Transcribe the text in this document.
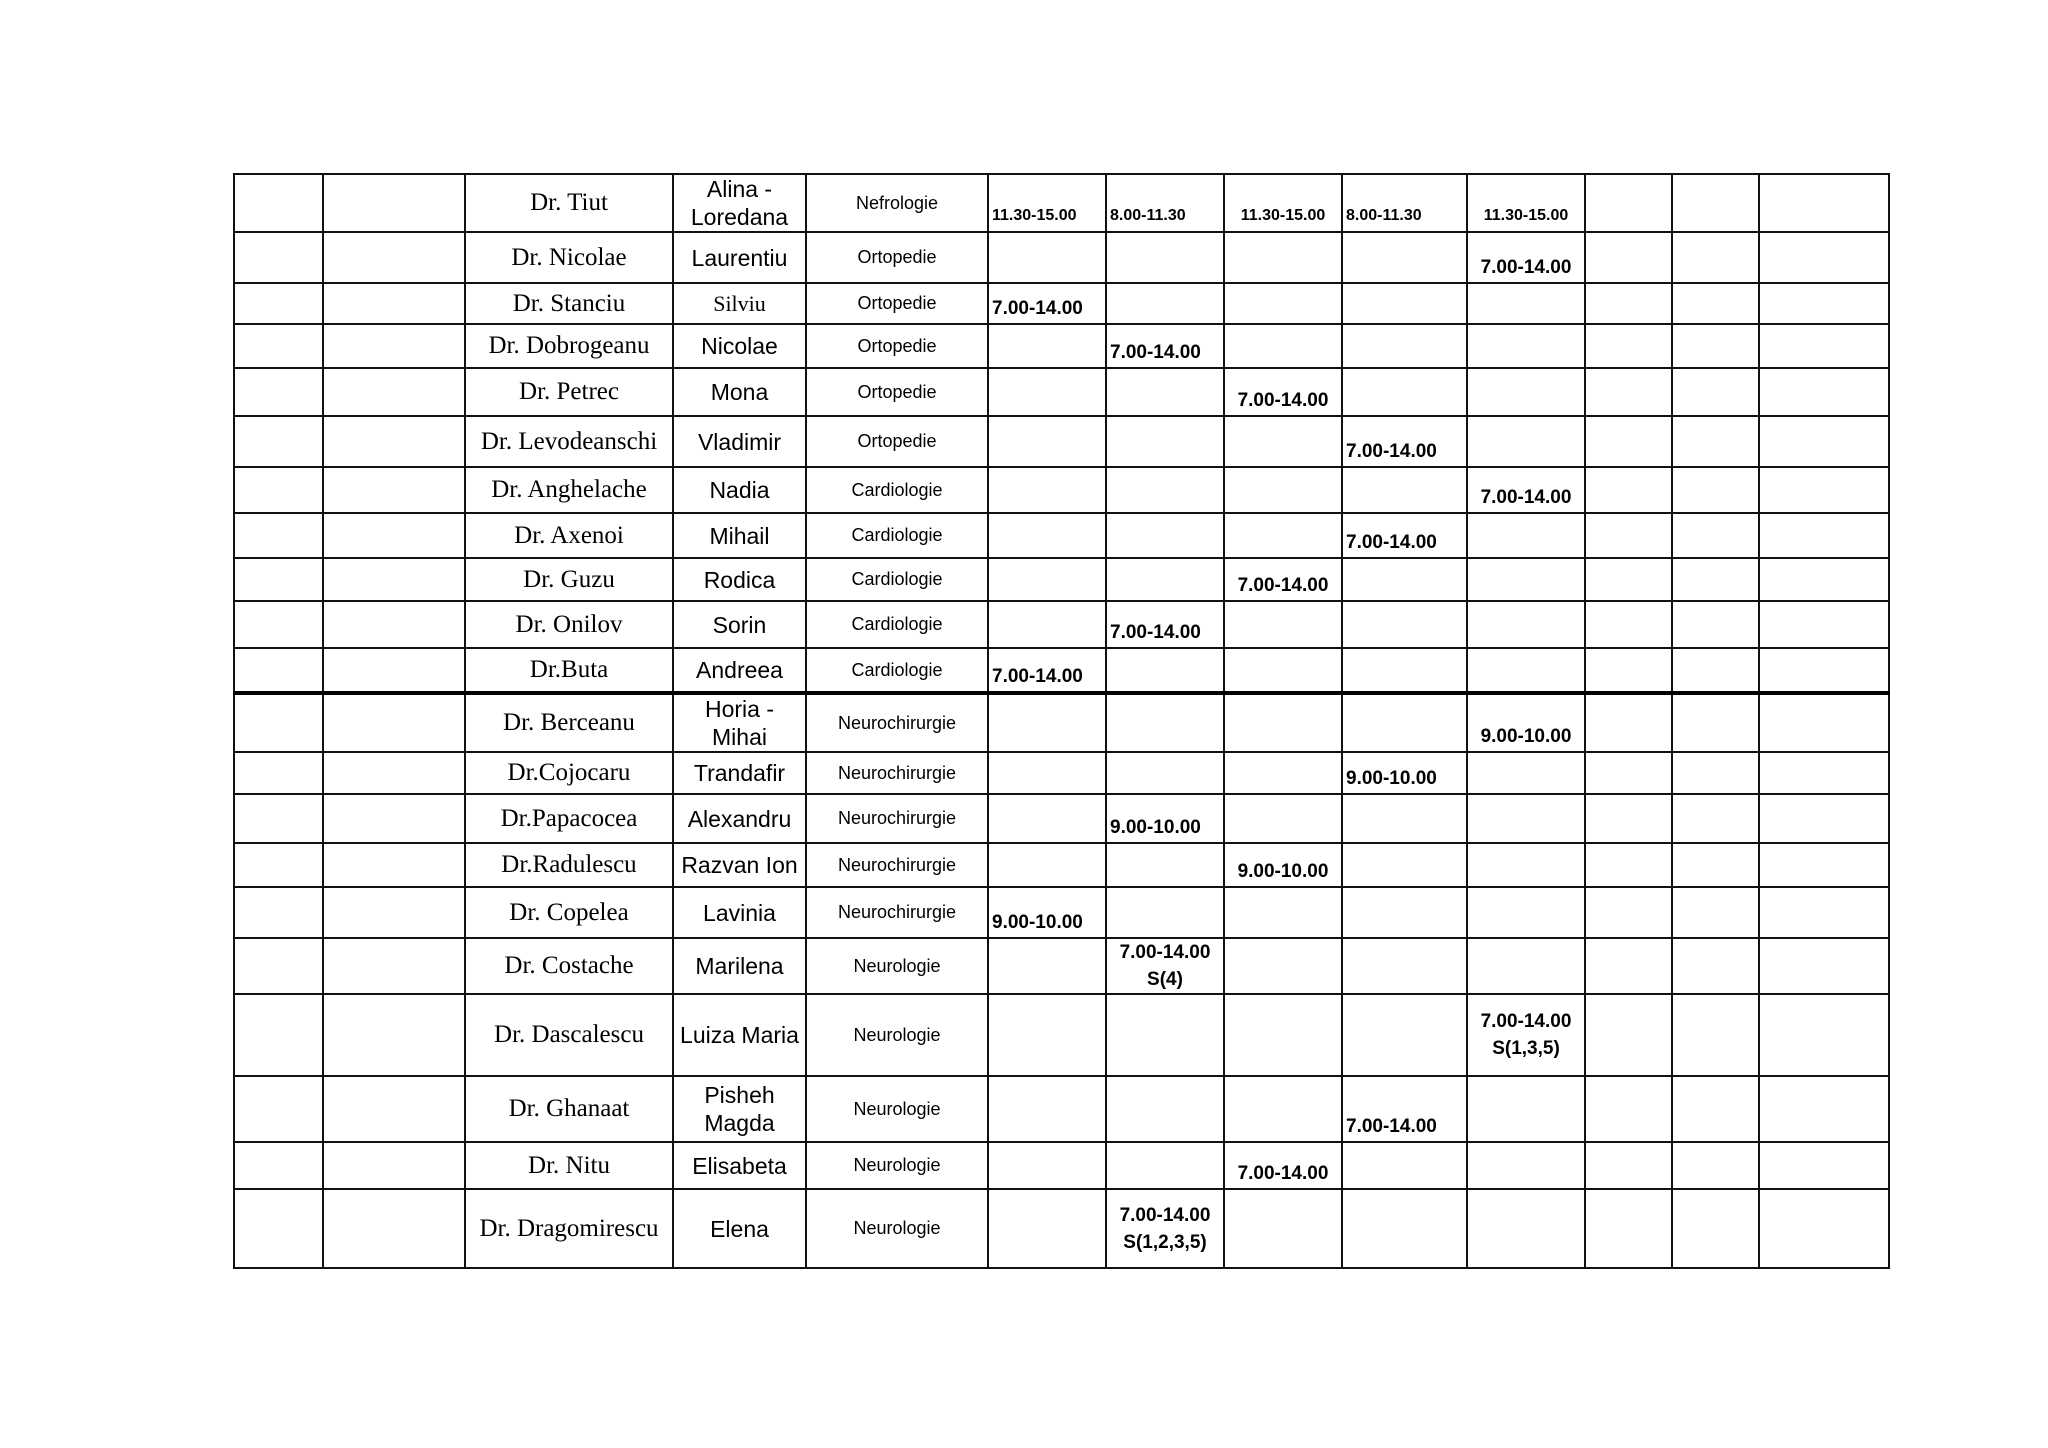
		Dr. Tiut	Alina -
Loredana	Nefrologie	11.30-15.00	8.00-11.30	11.30-15.00	8.00-11.30	11.30-15.00			

		Dr. Nicolae	Laurentiu	Ortopedie					7.00-14.00			

		Dr. Stanciu	Silviu	Ortopedie	7.00-14.00							

		Dr. Dobrogeanu	Nicolae	Ortopedie		7.00-14.00						

		Dr. Petrec	Mona	Ortopedie			7.00-14.00					

		Dr. Levodeanschi	Vladimir	Ortopedie				7.00-14.00				

		Dr. Anghelache	Nadia	Cardiologie					7.00-14.00			

		Dr. Axenoi	Mihail	Cardiologie				7.00-14.00				

		Dr. Guzu	Rodica	Cardiologie			7.00-14.00					

		Dr. Onilov	Sorin	Cardiologie		7.00-14.00						

		Dr.Buta	Andreea	Cardiologie	7.00-14.00							

		Dr. Berceanu	Horia -
Mihai	Neurochirurgie					9.00-10.00			

		Dr.Cojocaru	Trandafir	Neurochirurgie				9.00-10.00				

		Dr.Papacocea	Alexandru	Neurochirurgie		9.00-10.00						

		Dr.Radulescu	Razvan Ion	Neurochirurgie			9.00-10.00					

		Dr. Copelea	Lavinia	Neurochirurgie	9.00-10.00							

		Dr. Costache	Marilena	Neurologie		7.00-14.00
S(4)						

		Dr. Dascalescu	Luiza Maria	Neurologie					7.00-14.00
S(1,3,5)			

		Dr. Ghanaat	Pisheh
Magda	Neurologie				7.00-14.00				

		Dr. Nitu	Elisabeta	Neurologie			7.00-14.00					

		Dr. Dragomirescu	Elena	Neurologie		7.00-14.00
S(1,2,3,5)						
